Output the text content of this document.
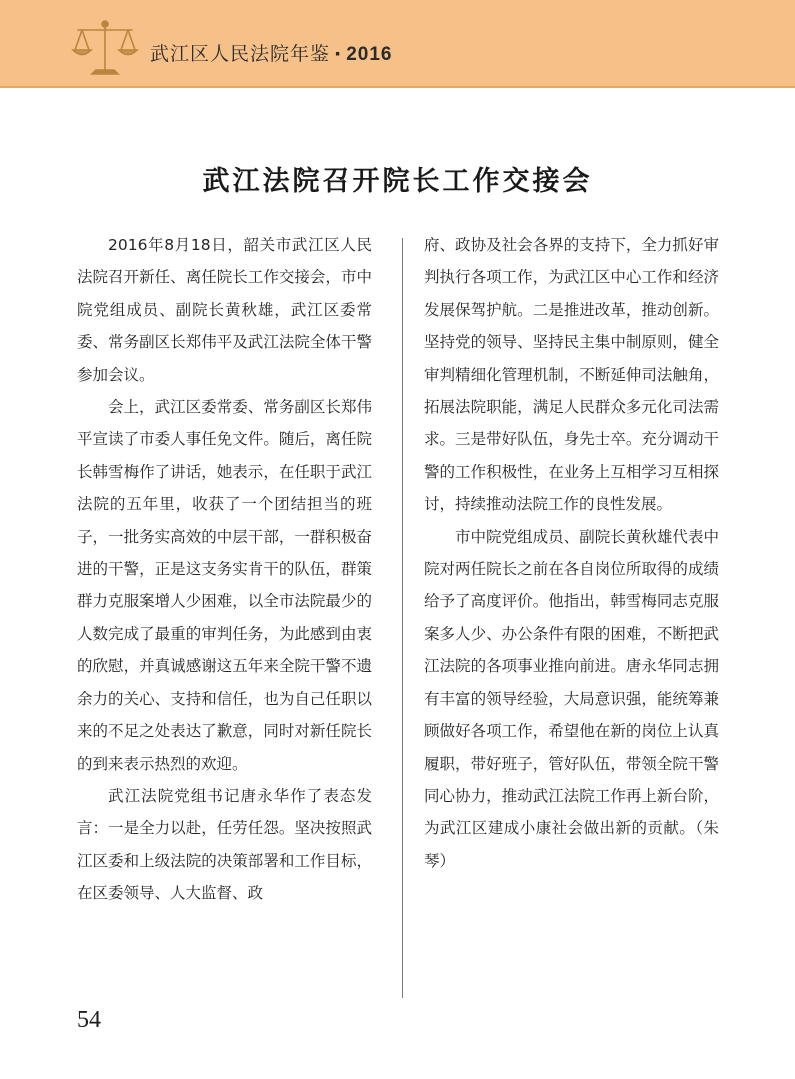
武江区人民法院年鉴 · 2016
武江法院召开院长工作交接会

2016年8月18日，韶关市武江区人民法院召开新任、离任院长工作交接会，市中院党组成员、副院长黄秋雄，武江区委常委、常务副区长郑伟平及武江法院全体干警参加会议。

会上，武江区委常委、常务副区长郑伟平宣读了市委人事任免文件。随后，离任院长韩雪梅作了讲话，她表示，在任职于武江法院的五年里，收获了一个团结担当的班子，一批务实高效的中层干部，一群积极奋进的干警，正是这支务实肯干的队伍，群策群力克服案增人少困难，以全市法院最少的人数完成了最重的审判任务，为此感到由衷的欣慰，并真诚感谢这五年来全院干警不遗余力的关心、支持和信任，也为自己任职以来的不足之处表达了歉意，同时对新任院长的到来表示热烈的欢迎。

武江法院党组书记唐永华作了表态发言：一是全力以赴，任劳任怨。坚决按照武江区委和上级法院的决策部署和工作目标，在区委领导、人大监督、政

府、政协及社会各界的支持下，全力抓好审判执行各项工作，为武江区中心工作和经济发展保驾护航。二是推进改革，推动创新。坚持党的领导、坚持民主集中制原则，健全审判精细化管理机制，不断延伸司法触角，拓展法院职能，满足人民群众多元化司法需求。三是带好队伍，身先士卒。充分调动干警的工作积极性，在业务上互相学习互相探讨，持续推动法院工作的良性发展。

市中院党组成员、副院长黄秋雄代表中院对两任院长之前在各自岗位所取得的成绩给予了高度评价。他指出，韩雪梅同志克服案多人少、办公条件有限的困难，不断把武江法院的各项事业推向前进。唐永华同志拥有丰富的领导经验，大局意识强，能统筹兼顾做好各项工作，希望他在新的岗位上认真履职，带好班子，管好队伍，带领全院干警同心协力，推动武江法院工作再上新台阶，为武江区建成小康社会做出新的贡献。（朱琴）

54
